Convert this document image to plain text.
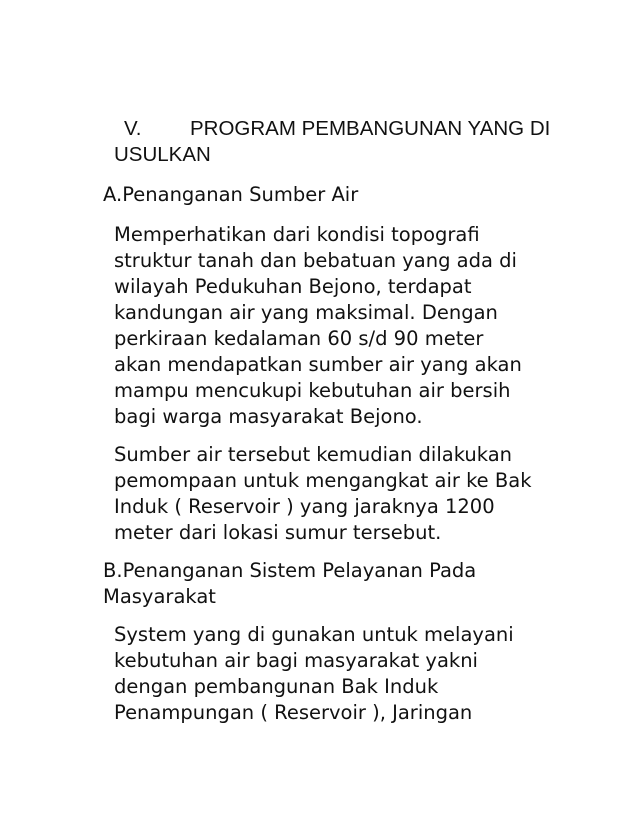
V. PROGRAM PEMBANGUNAN YANG DI
USULKAN
A.Penanganan Sumber Air
Memperhatikan dari kondisi topografi
struktur tanah dan bebatuan yang ada di
wilayah Pedukuhan Bejono, terdapat
kandungan air yang maksimal. Dengan
perkiraan kedalaman 60 s/d 90 meter
akan mendapatkan sumber air yang akan
mampu mencukupi kebutuhan air bersih
bagi warga masyarakat Bejono.
Sumber air tersebut kemudian dilakukan
pemompaan untuk mengangkat air ke Bak
Induk ( Reservoir ) yang jaraknya 1200
meter dari lokasi sumur tersebut.
B.Penanganan Sistem Pelayanan Pada
Masyarakat
System yang di gunakan untuk melayani
kebutuhan air bagi masyarakat yakni
dengan pembangunan Bak Induk
Penampungan ( Reservoir ), Jaringan
